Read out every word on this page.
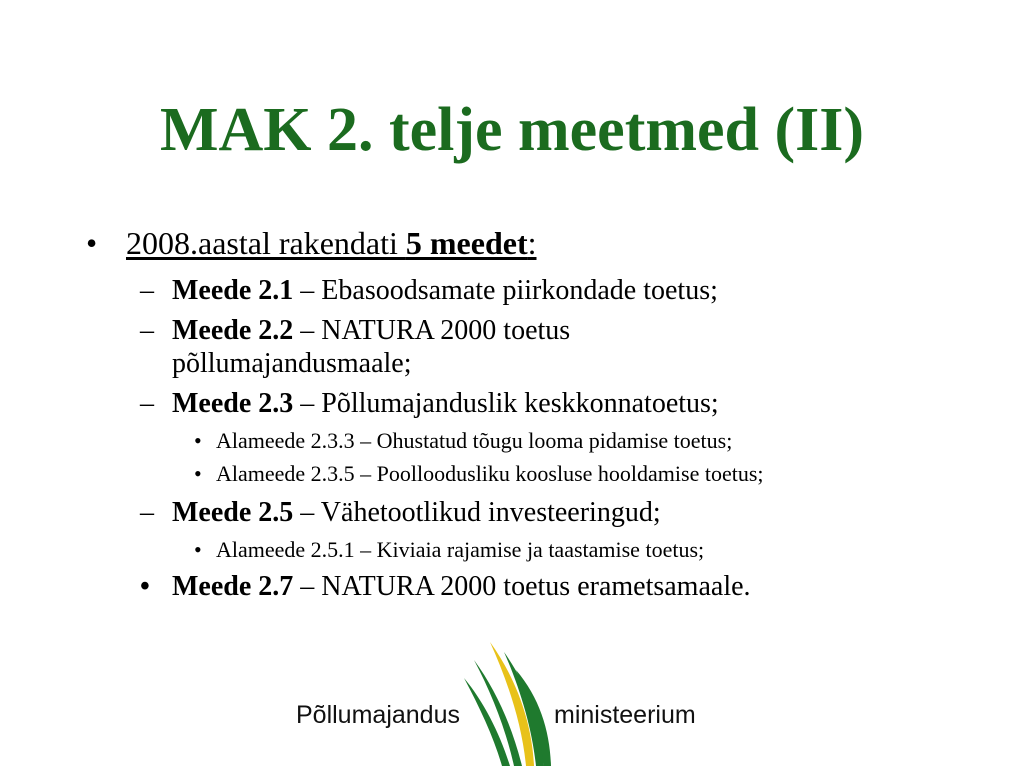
MAK 2. telje meetmed (II)
• 2008.aastal rakendati 5 meedet:
– Meede 2.1 – Ebasoodsamate piirkondade toetus;
– Meede 2.2 – NATURA 2000 toetus
põllumajandusmaale;
– Meede 2.3 – Põllumajanduslik keskkonnatoetus;
• Alameede 2.3.3 – Ohustatud tõugu looma pidamise toetus;
• Alameede 2.3.5 – Poolloodusliku koosluse hooldamise toetus;
– Meede 2.5 – Vähetootlikud investeeringud;
• Alameede 2.5.1 – Kiviaia rajamise ja taastamise toetus;
• Meede 2.7 – NATURA 2000 toetus erametsamaale.
Põllumajandus	ministeerium
